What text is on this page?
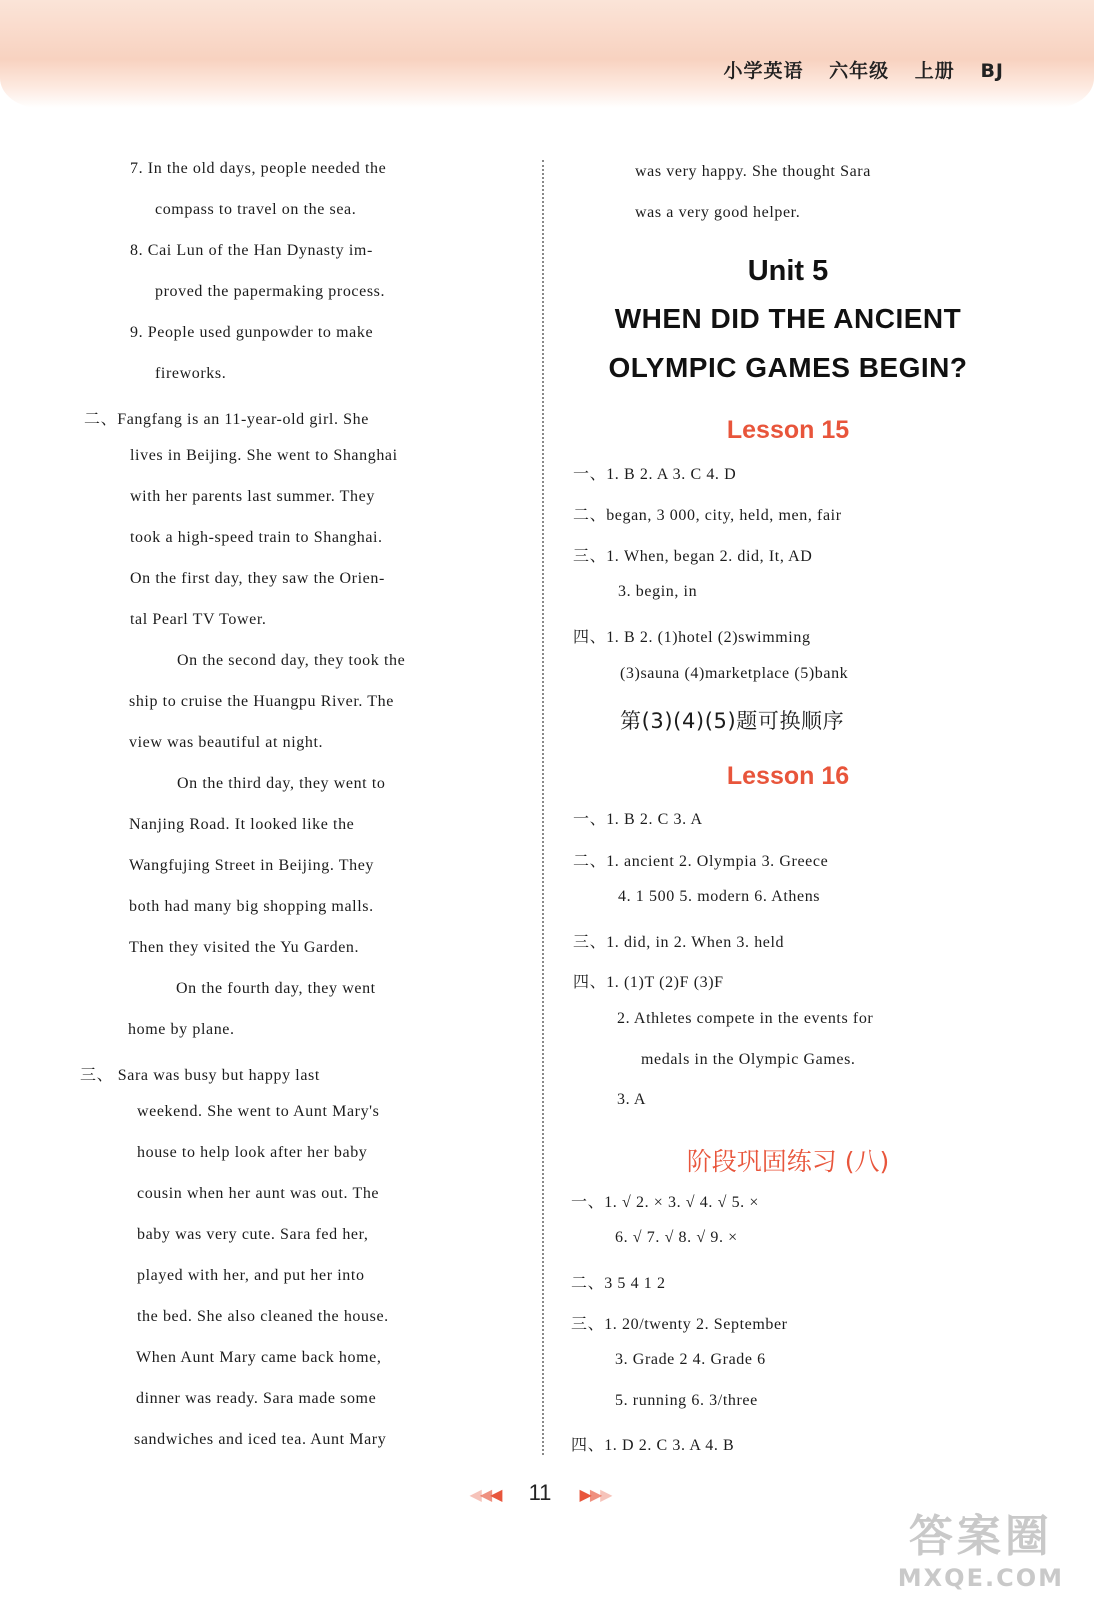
小学英语 六年级 上册 BJ
7. In the old days, people needed the
compass to travel on the sea.
8. Cai Lun of the Han Dynasty im-
proved the papermaking process.
9. People used gunpowder to make
fireworks.
二、Fangfang is an 11-year-old girl. She
lives in Beijing. She went to Shanghai
with her parents last summer. They
took a high-speed train to Shanghai.
On the first day, they saw the Orien-
tal Pearl TV Tower.
On the second day, they took the
ship to cruise the Huangpu River. The
view was beautiful at night.
On the third day, they went to
Nanjing Road. It looked like the
Wangfujing Street in Beijing. They
both had many big shopping malls.
Then they visited the Yu Garden.
On the fourth day, they went
home by plane.
三、 Sara was busy but happy last
weekend. She went to Aunt Mary's
house to help look after her baby
cousin when her aunt was out. The
baby was very cute. Sara fed her,
played with her, and put her into
the bed. She also cleaned the house.
When Aunt Mary came back home,
dinner was ready. Sara made some
sandwiches and iced tea. Aunt Mary
was very happy. She thought Sara
was a very good helper.
Unit 5
WHEN DID THE ANCIENT
OLYMPIC GAMES BEGIN?
Lesson 15
一、1. B 2. A 3. C 4. D
二、began, 3 000, city, held, men, fair
三、1. When, began 2. did, It, AD
3. begin, in
四、1. B 2. (1)hotel (2)swimming
(3)sauna (4)marketplace (5)bank
第(3)(4)(5)题可换顺序
Lesson 16
一、1. B 2. C 3. A
二、1. ancient 2. Olympia 3. Greece
4. 1 500 5. modern 6. Athens
三、1. did, in 2. When 3. held
四、1. (1)T (2)F (3)F
2. Athletes compete in the events for
medals in the Olympic Games.
3. A
阶段巩固练习 (八)
一、1. √ 2. × 3. √ 4. √ 5. ×
6. √ 7. √ 8. √ 9. ×
二、3 5 4 1 2
三、1. 20/twenty 2. September
3. Grade 2 4. Grade 6
5. running 6. 3/three
四、1. D 2. C 3. A 4. B
◀◀◀ 11 ▶▶▶
答案圈
MXQE.COM
